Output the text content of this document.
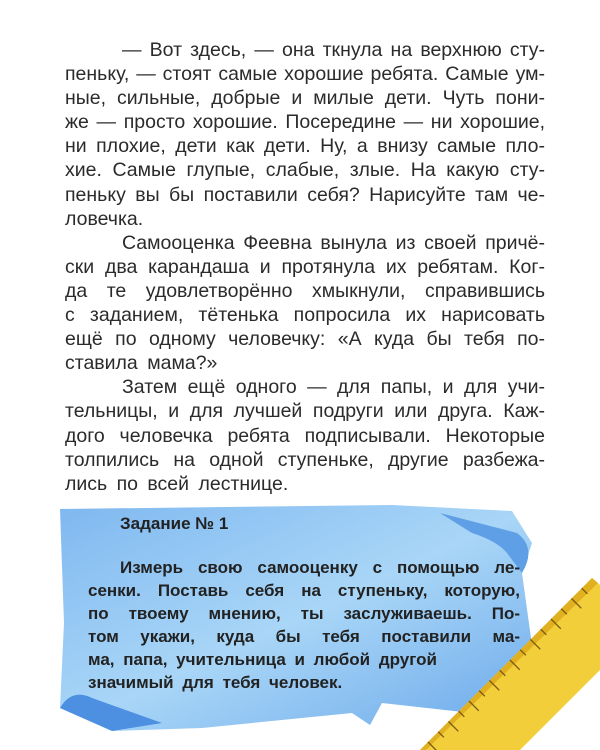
— Вот здесь, — она ткнула на верхнюю сту-
пеньку, — стоят самые хорошие ребята. Самые ум-
ные, сильные, добрые и милые дети. Чуть пони-
же — просто хорошие. Посередине — ни хорошие,
ни плохие, дети как дети. Ну, а внизу самые пло-
хие. Самые глупые, слабые, злые. На какую сту-
пеньку вы бы поставили себя? Нарисуйте там че-
ловечка.
Самооценка Феевна вынула из своей причё-
ски два карандаша и протянула их ребятам. Ког-
да те удовлетворённо хмыкнули, справившись
с заданием, тётенька попросила их нарисовать
ещё по одному человечку: «А куда бы тебя по-
ставила мама?»
Затем ещё одного — для папы, и для учи-
тельницы, и для лучшей подруги или друга. Каж-
дого человечка ребята подписывали. Некоторые
толпились на одной ступеньке, другие разбежа-
лись по всей лестнице.
Задание № 1
Измерь свою самооценку с помощью ле-
сенки. Поставь себя на ступеньку, которую,
по твоему мнению, ты заслуживаешь. По-
том укажи, куда бы тебя поставили ма-
ма, папа, учительница и любой другой
значимый для тебя человек.
